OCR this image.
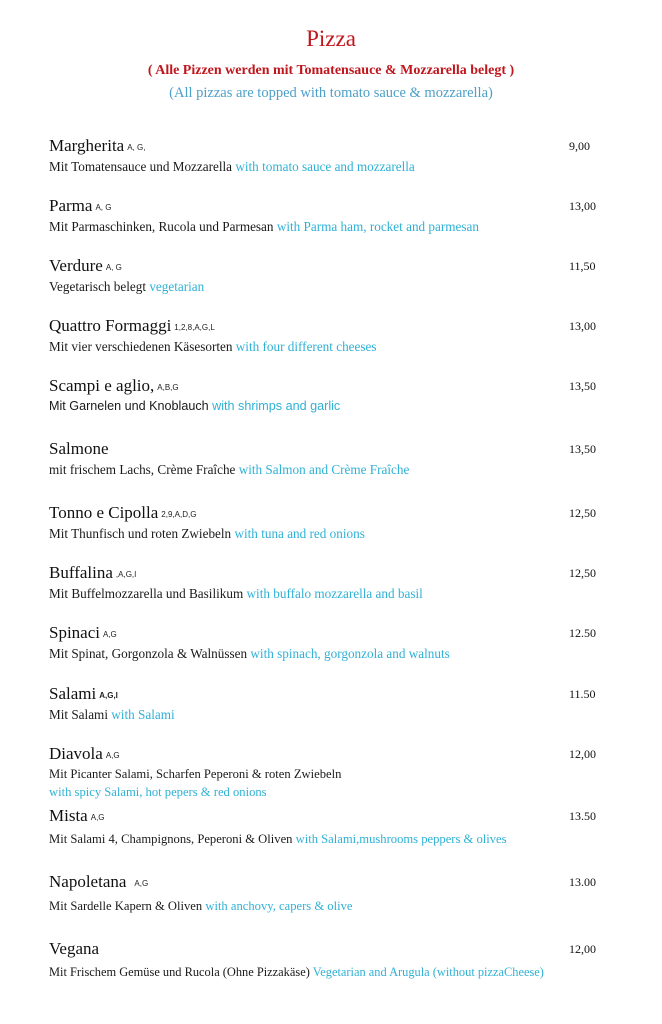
Pizza
( Alle Pizzen werden mit Tomatensauce & Mozzarella belegt )
(All pizzas are topped with tomato sauce & mozzarella)
Margherita A, G,	9,00
Mit Tomatensauce und Mozzarella with tomato sauce and mozzarella
Parma A, G	13,00
Mit Parmaschinken, Rucola und Parmesan with Parma ham, rocket and parmesan
Verdure A, G	11,50
Vegetarisch belegt vegetarian
Quattro Formaggi 1,2,8,A,G,L	13,00
Mit vier verschiedenen Käsesorten with four different cheeses
Scampi e aglio, A,B,G	13,50
Mit Garnelen und Knoblauch with shrimps and garlic
Salmone	13,50
mit frischem Lachs, Crème Fraîche with Salmon and Crème Fraîche
Tonno e Cipolla 2,9,A,D,G	12,50
Mit Thunfisch und roten Zwiebeln with tuna and red onions
Buffalina ,A,G,I	12,50
Mit Buffelmozzarella und Basilikum with buffalo mozzarella and basil
Spinaci A,G	12.50
Mit Spinat, Gorgonzola & Walnüssen with spinach, gorgonzola and walnuts
Salami A,G,I	11.50
Mit Salami with Salami
Diavola A,G	12,00
Mit Picanter Salami, Scharfen Peperoni & roten Zwiebeln
with spicy Salami, hot pepers & red onions
Mista A,G	13.50
Mit Salami 4, Champignons, Peperoni & Oliven with Salami,mushrooms peppers & olives
Napoletana A,G	13.00
Mit Sardelle Kapern & Oliven with anchovy, capers & olive
Vegana	12,00
Mit Frischem Gemüse und Rucola (Ohne Pizzakäse) Vegetarian and Arugula (without pizzaCheese)
